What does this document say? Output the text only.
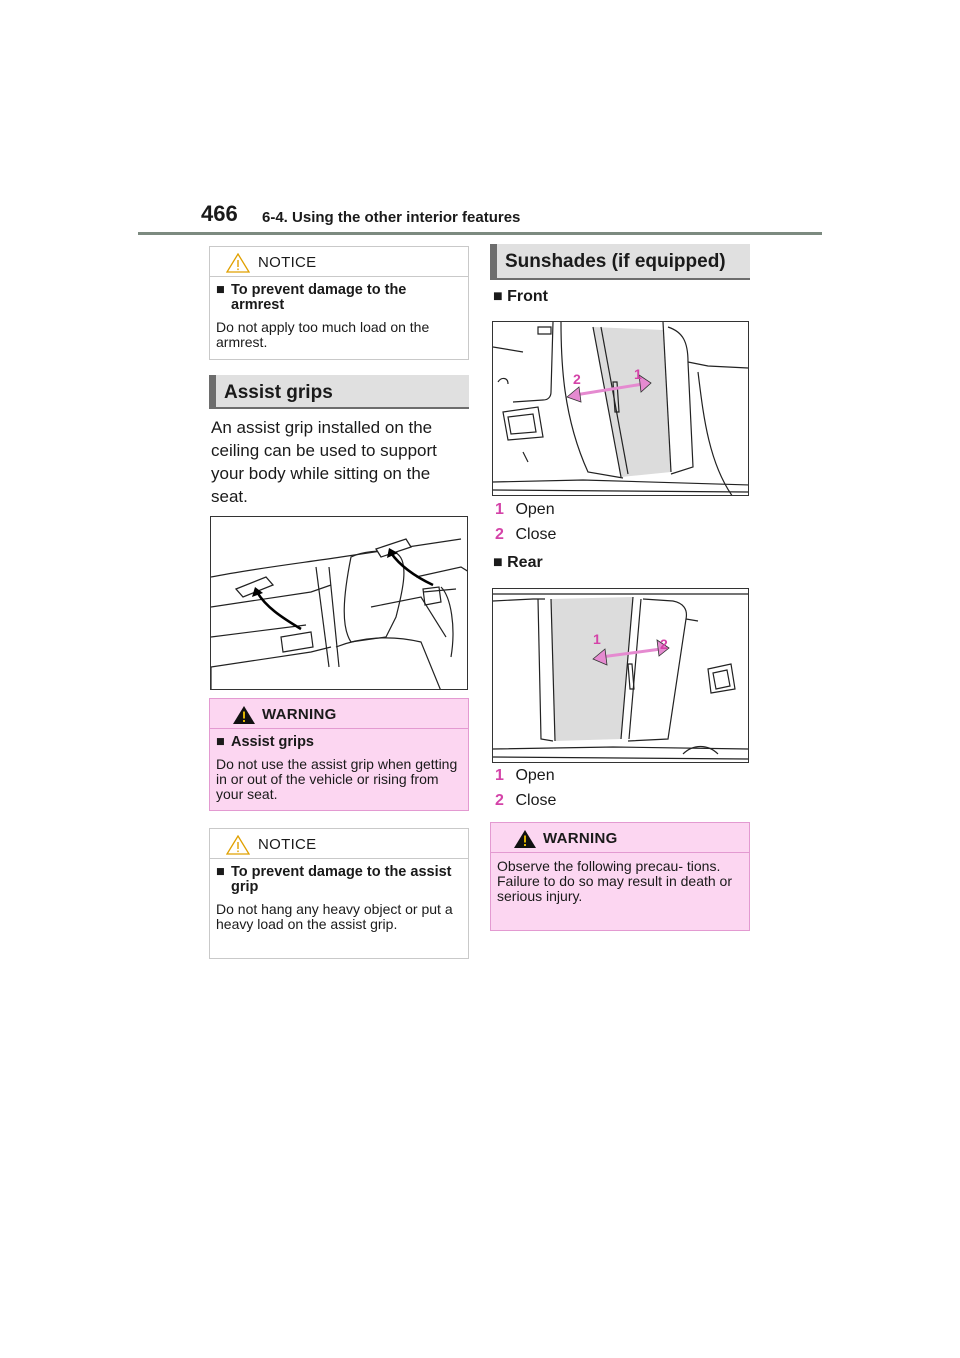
466 6-4. Using the other interior features
NOTICE
■ To prevent damage to the armrest
Do not apply too much load on the armrest.
Assist grips
An assist grip installed on the ceiling can be used to support your body while sitting on the seat.
WARNING
■ Assist grips
Do not use the assist grip when getting in or out of the vehicle or rising from your seat.
NOTICE
■ To prevent damage to the assist grip
Do not hang any heavy object or put a heavy load on the assist grip.
Sunshades (if equipped)
■ Front
2	1
1 Open
2 Close
■ Rear
1	2
1 Open
2 Close
WARNING
Observe the following precau- tions. Failure to do so may result in death or serious injury.
